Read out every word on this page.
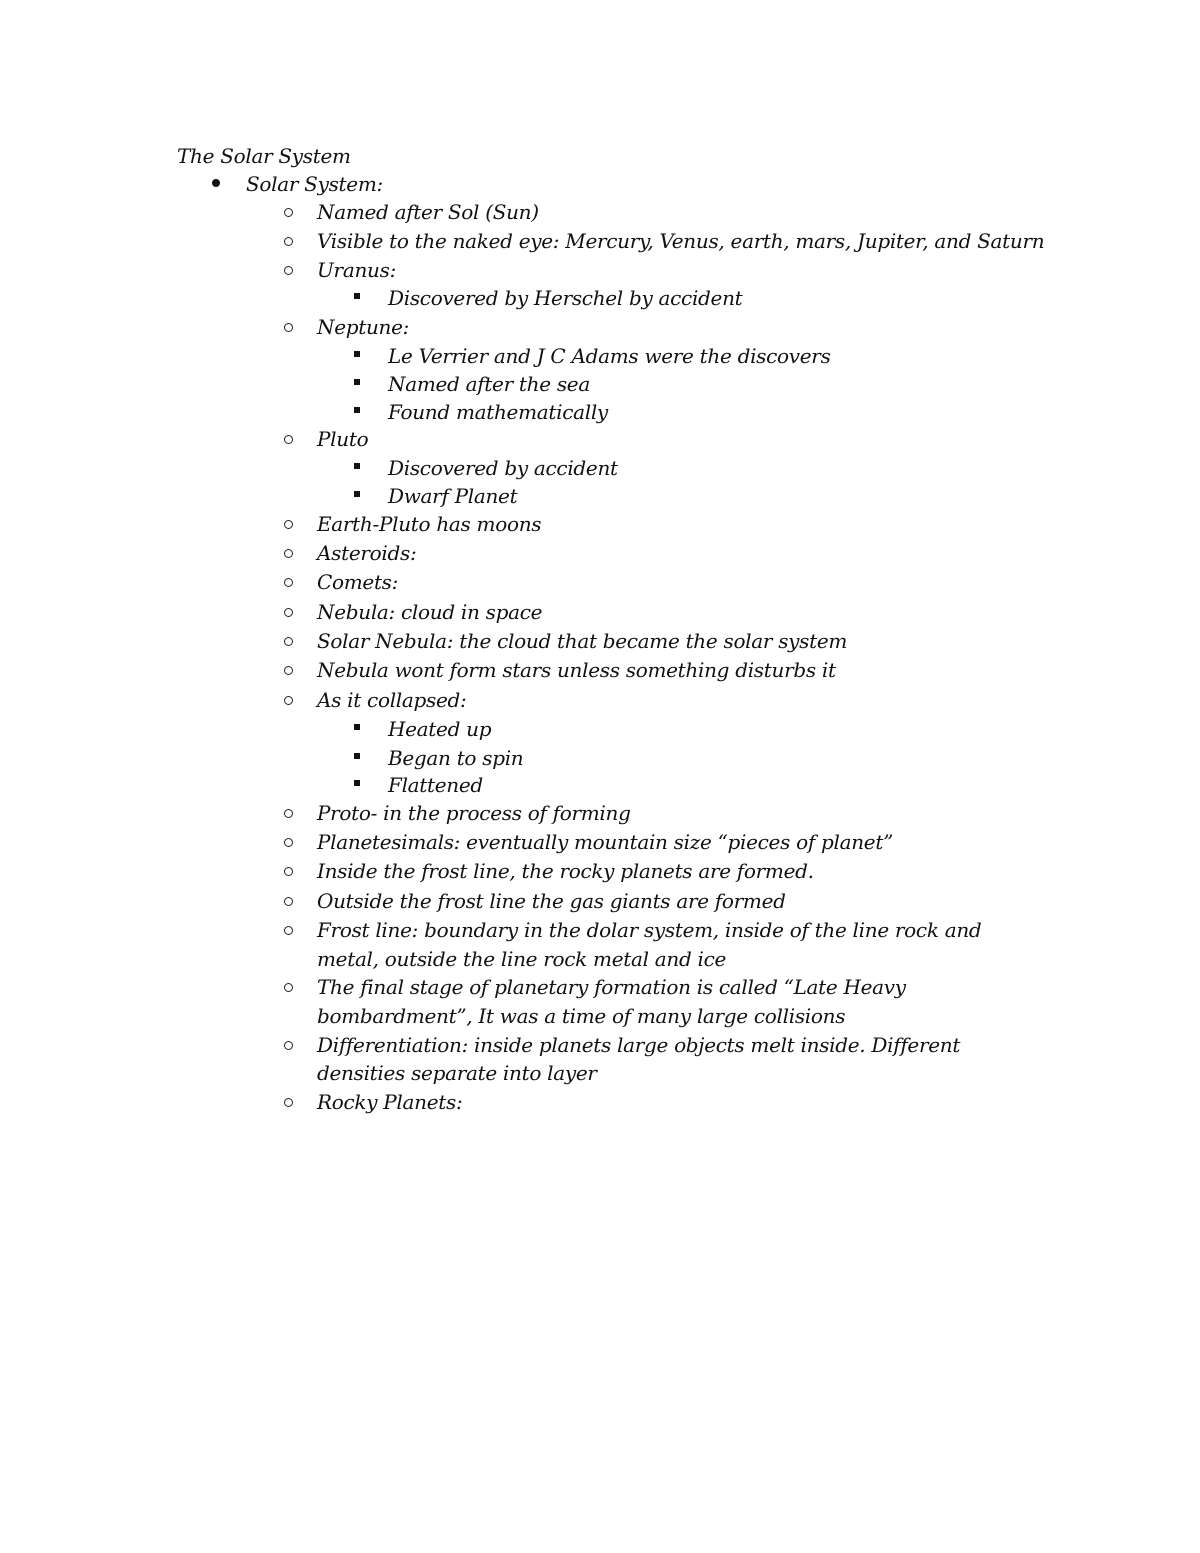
The Solar System
Solar System:
Named after Sol (Sun)
Visible to the naked eye: Mercury, Venus, earth, mars, Jupiter, and Saturn
Uranus:
Discovered by Herschel by accident
Neptune:
Le Verrier and J C Adams were the discovers
Named after the sea
Found mathematically
Pluto
Discovered by accident
Dwarf Planet
Earth-Pluto has moons
Asteroids:
Comets:
Nebula: cloud in space
Solar Nebula: the cloud that became the solar system
Nebula wont form stars unless something disturbs it
As it collapsed:
Heated up
Began to spin
Flattened
Proto- in the process of forming
Planetesimals: eventually mountain size “pieces of planet”
Inside the frost line, the rocky planets are formed.
Outside the frost line the gas giants are formed
Frost line: boundary in the dolar system, inside of the line rock and
metal, outside the line rock metal and ice
The final stage of planetary formation is called “Late Heavy
bombardment”, It was a time of many large collisions
Differentiation: inside planets large objects melt inside. Different
densities separate into layer
Rocky Planets:
